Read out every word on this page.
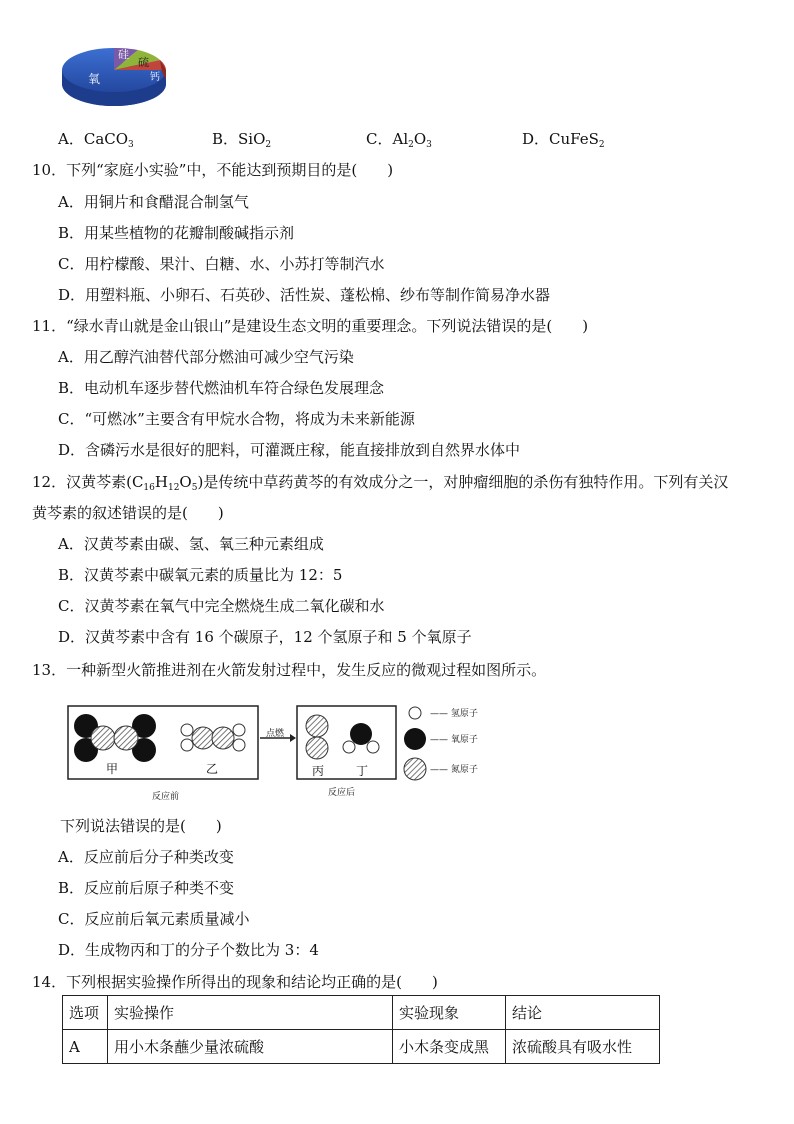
氧
硅
硫
钙
A．CaCO$_3$	B．SiO$_2$	C．$Al_2O_3$	D．CuFeS$_2$
10．下列“家庭小实验”中，不能达到预期目的是(　　)
A．用铜片和食醋混合制氢气
B．用某些植物的花瓣制酸碱指示剂
C．用柠檬酸、果汁、白糖、水、小苏打等制汽水
D．用塑料瓶、小卵石、石英砂、活性炭、蓬松棉、纱布等制作简易净水器
11．“绿水青山就是金山银山”是建设生态文明的重要理念。下列说法错误的是(　　)
A．用乙醇汽油替代部分燃油可减少空气污染
B．电动机车逐步替代燃油机车符合绿色发展理念
C．“可燃冰”主要含有甲烷水合物，将成为未来新能源
D．含磷污水是很好的肥料，可灌溉庄稼，能直接排放到自然界水体中
12．汉黄芩素$(C_{16}H_{12}O_5)$是传统中草药黄芩的有效成分之一，对肿瘤细胞的杀伤有独特作用。下列有关汉
黄芩素的叙述错误的是(　　)
A．汉黄芩素由碳、氢、氧三种元素组成
B．汉黄芩素中碳氧元素的质量比为 12：5
C．汉黄芩素在氧气中完全燃烧生成二氧化碳和水
D．汉黄芩素中含有 16 个碳原子，12 个氢原子和 5 个氧原子
13．一种新型火箭推进剂在火箭发射过程中，发生反应的微观过程如图所示。
甲	乙
点燃
丙	丁
反应前	反应后
—— 氢原子
—— 氧原子
—— 氮原子
下列说法错误的是(　　)
A．反应前后分子种类改变
B．反应前后原子种类不变
C．反应前后氧元素质量减小
D．生成物丙和丁的分子个数比为 3：4
14．下列根据实验操作所得出的现象和结论均正确的是(　　)
选项	实验操作	实验现象	结论
A	用小木条蘸少量浓硫酸	小木条变成黑	浓硫酸具有吸水性
